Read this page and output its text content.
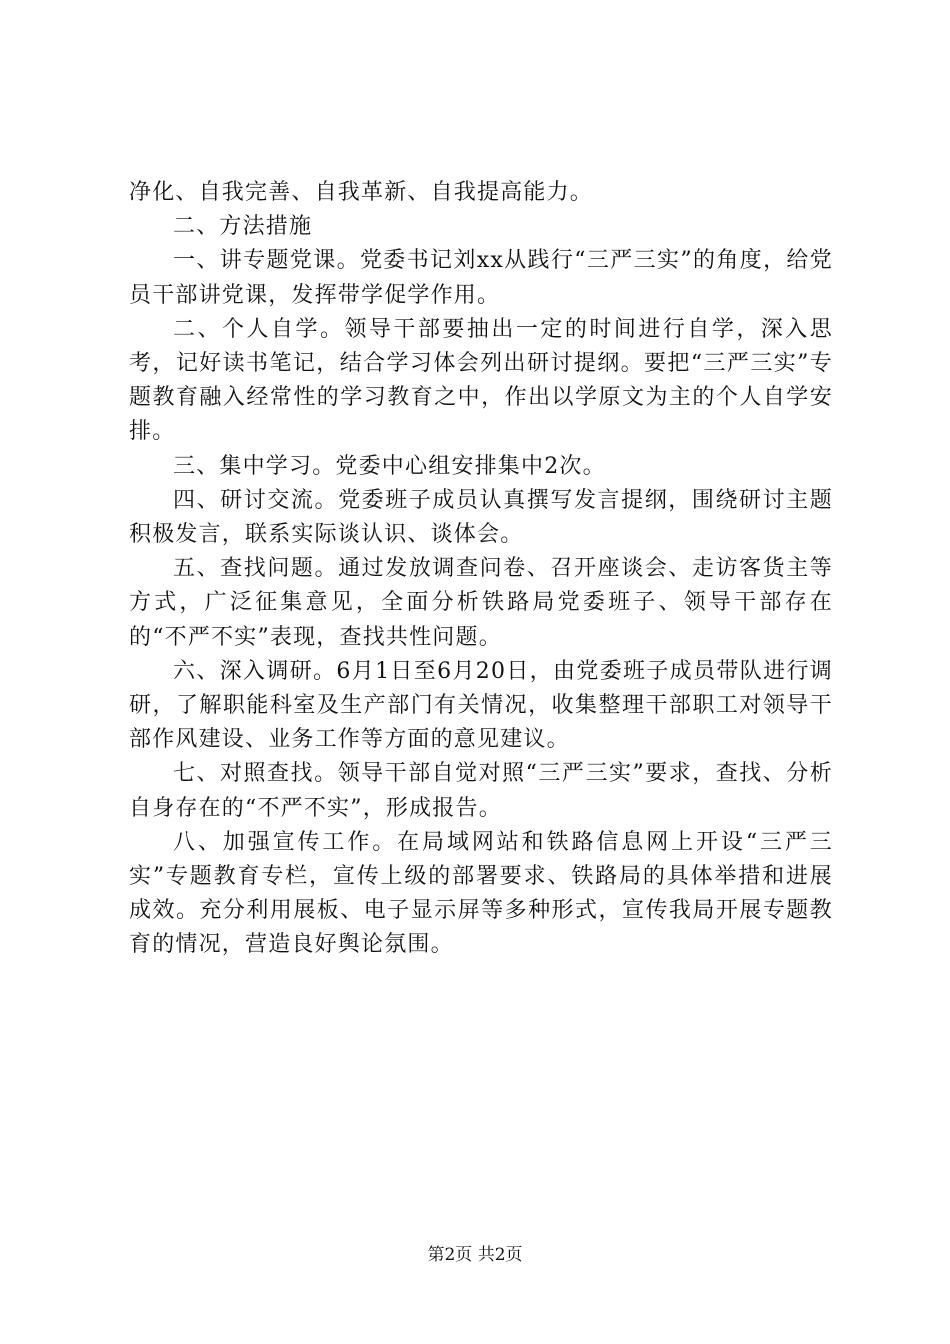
净化、自我完善、自我革新、自我提高能力。

二、方法措施

一、讲专题党课。党委书记刘xx从践行“三严三实”的角度，给党员干部讲党课，发挥带学促学作用。

二、个人自学。领导干部要抽出一定的时间进行自学，深入思考，记好读书笔记，结合学习体会列出研讨提纲。要把“三严三实”专题教育融入经常性的学习教育之中，作出以学原文为主的个人自学安排。

三、集中学习。党委中心组安排集中2次。

四、研讨交流。党委班子成员认真撰写发言提纲，围绕研讨主题积极发言，联系实际谈认识、谈体会。

五、查找问题。通过发放调查问卷、召开座谈会、走访客货主等方式，广泛征集意见，全面分析铁路局党委班子、领导干部存在的“不严不实”表现，查找共性问题。

六、深入调研。6月1日至6月20日，由党委班子成员带队进行调研，了解职能科室及生产部门有关情况，收集整理干部职工对领导干部作风建设、业务工作等方面的意见建议。

七、对照查找。领导干部自觉对照“三严三实”要求，查找、分析自身存在的“不严不实”，形成报告。

八、加强宣传工作。在局域网站和铁路信息网上开设“三严三实”专题教育专栏，宣传上级的部署要求、铁路局的具体举措和进展成效。充分利用展板、电子显示屏等多种形式，宣传我局开展专题教育的情况，营造良好舆论氛围。

第2页 共2页
